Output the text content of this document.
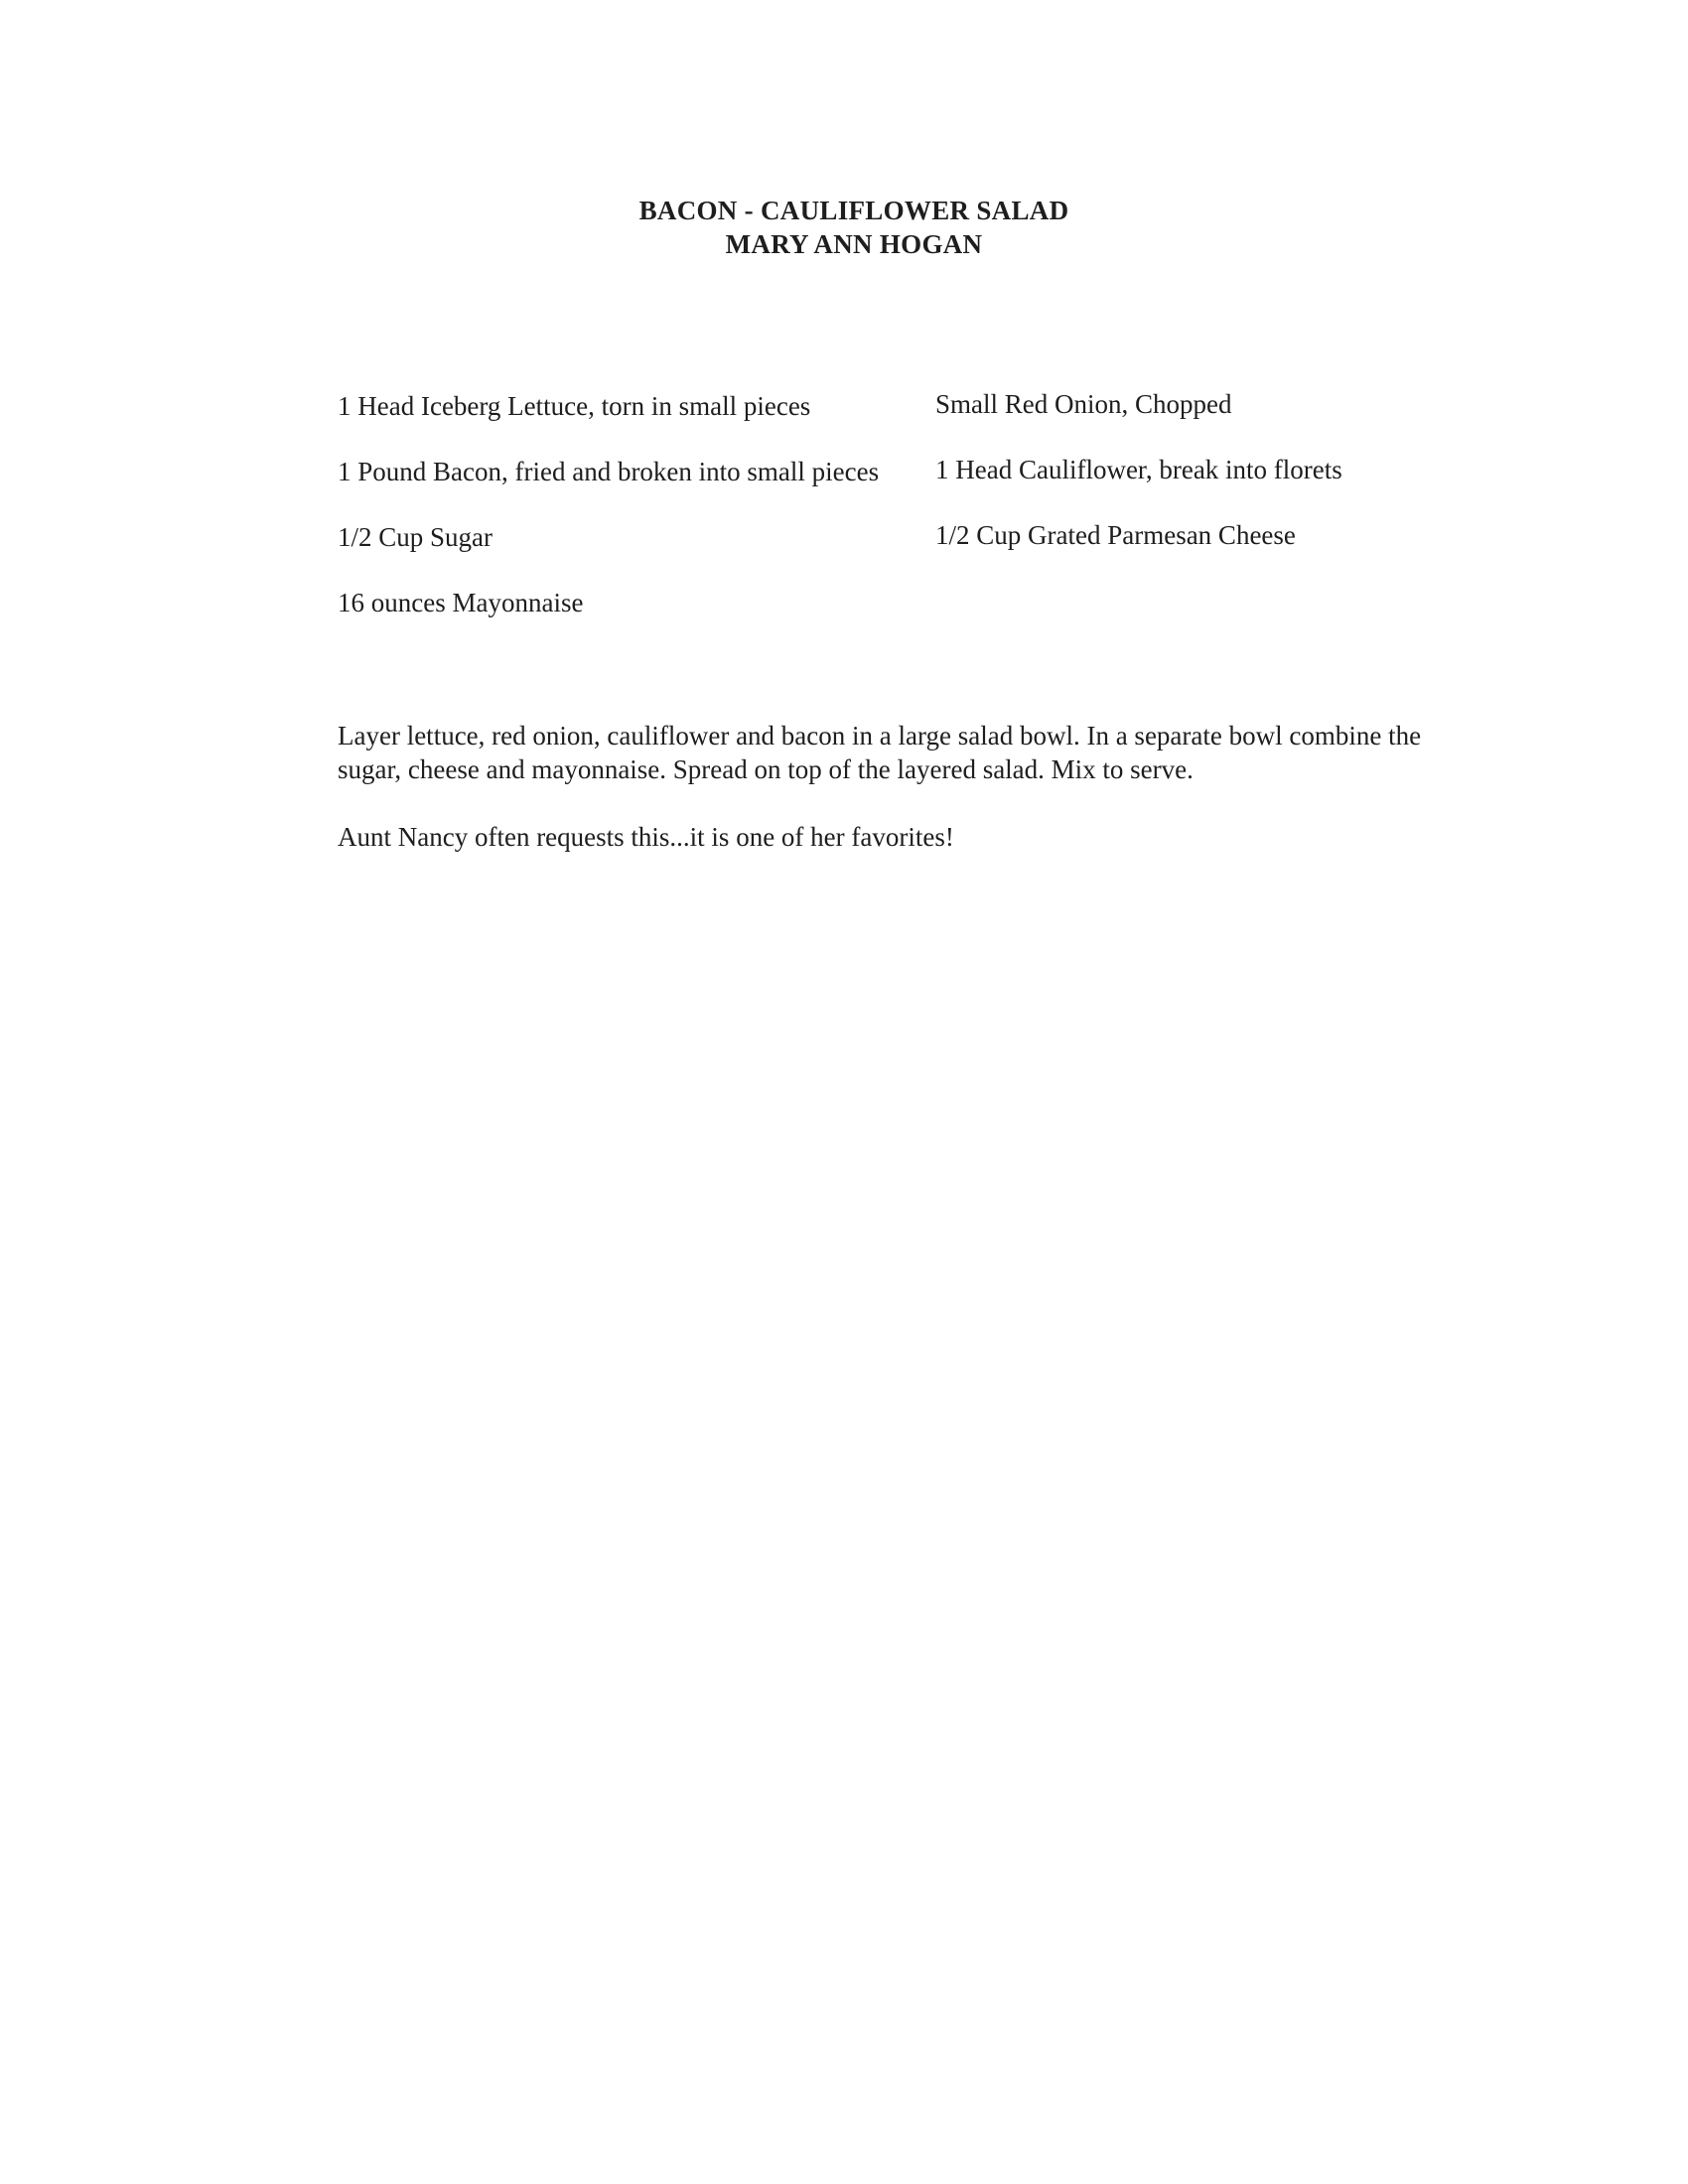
BACON - CAULIFLOWER SALAD
MARY ANN HOGAN
1 Head Iceberg Lettuce, torn in small pieces	Small Red Onion, Chopped
1 Pound Bacon, fried and broken into small pieces 1 Head Cauliflower, break into florets
1/2 Cup Sugar	1/2 Cup Grated Parmesan Cheese
16 ounces Mayonnaise
Layer lettuce, red onion, cauliflower and bacon in a large salad bowl. In a separate bowl combine the sugar, cheese and mayonnaise. Spread on top of the layered salad. Mix to serve.
Aunt Nancy often requests this...it is one of her favorites!
